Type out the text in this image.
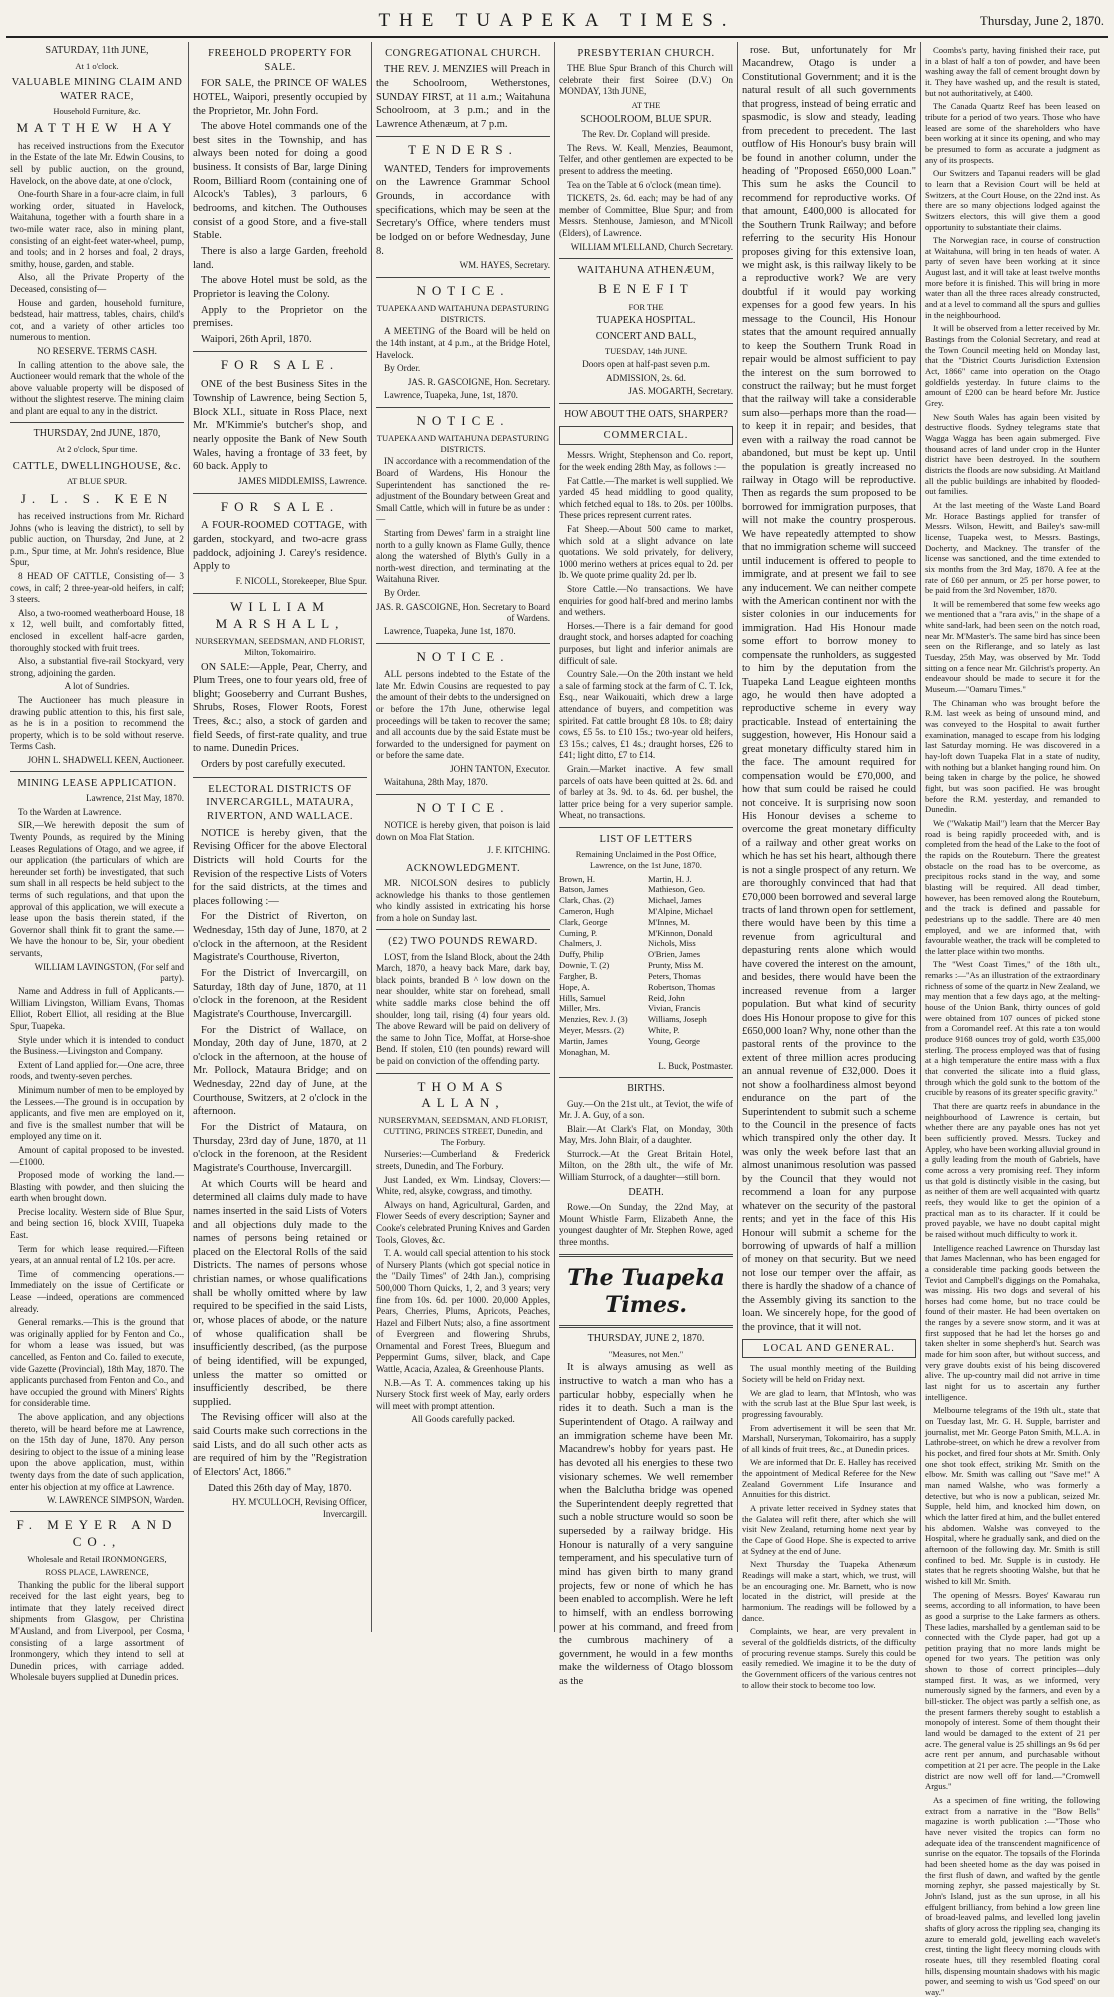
THE TUAPEKA TIMES.	Thursday, June 2, 1870.
SATURDAY, 11th JUNE,
At 1 o'clock.
VALUABLE MINING CLAIM AND WATER RACE,
Household Furniture, &c.
MATTHEW HAY
has received instructions from the Executor in the Estate of the late Mr. Edwin Cousins, to sell by public auction, on the ground, Havelock, on the above date, at one o'clock,
One-fourth Share in a four-acre claim, in full working order, situated in Havelock, Waitahuna, together with a fourth share in a two-mile water race, also in mining plant, consisting of an eight-feet water-wheel, pump, and tools; and in 2 horses and foal, 2 drays, smithy, house, garden, and stable.
Also, all the Private Property of the Deceased, consisting of—
House and garden, household furniture, bedstead, hair mattress, tables, chairs, child's cot, and a variety of other articles too numerous to mention.
NO RESERVE. TERMS CASH.
In calling attention to the above sale, the Auctioneer would remark that the whole of the above valuable property will be disposed of without the slightest reserve. The mining claim and plant are equal to any in the district.
THURSDAY, 2nd JUNE, 1870,
At 2 o'clock, Spur time.
CATTLE, DWELLINGHOUSE, &c.
AT BLUE SPUR.
J. L. S. KEEN
has received instructions from Mr. Richard Johns (who is leaving the district), to sell by public auction, on Thursday, 2nd June, at 2 p.m., Spur time, at Mr. John's residence, Blue Spur,
8 HEAD OF CATTLE, Consisting of— 3 cows, in calf; 2 three-year-old heifers, in calf; 3 steers.
Also, a two-roomed weatherboard House, 18 x 12, well built, and comfortably fitted, enclosed in excellent half-acre garden, thoroughly stocked with fruit trees.
Also, a substantial five-rail Stockyard, very strong, adjoining the garden.
A lot of Sundries.
The Auctioneer has much pleasure in drawing public attention to this, his first sale, as he is in a position to recommend the property, which is to be sold without reserve. Terms Cash.
JOHN L. SHADWELL KEEN, Auctioneer.
MINING LEASE APPLICATION.
Lawrence, 21st May, 1870.
To the Warden at Lawrence.
SIR,—We herewith deposit the sum of Twenty Pounds, as required by the Mining Leases Regulations of Otago, and we agree, if our application (the particulars of which are hereunder set forth) be investigated, that such sum shall in all respects be held subject to the terms of such regulations, and that upon the approval of this application, we will execute a lease upon the basis therein stated, if the Governor shall think fit to grant the same.—We have the honour to be, Sir, your obedient servants,
WILLIAM LAVINGSTON, (For self and party).
Name and Address in full of Applicants.—William Livingston, William Evans, Thomas Elliot, Robert Elliot, all residing at the Blue Spur, Tuapeka.
Style under which it is intended to conduct the Business.—Livingston and Company.
Extent of Land applied for.—One acre, three roods, and twenty-seven perches.
Minimum number of men to be employed by the Lessees.—The ground is in occupation by applicants, and five men are employed on it, and five is the smallest number that will be employed any time on it.
Amount of capital proposed to be invested.—£1000.
Proposed mode of working the land.—Blasting with powder, and then sluicing the earth when brought down.
Precise locality. Western side of Blue Spur, and being section 16, block XVIII, Tuapeka East.
Term for which lease required.—Fifteen years, at an annual rental of L2 10s. per acre.
Time of commencing operations.—Immediately on the issue of Certificate or Lease —indeed, operations are commenced already.
General remarks.—This is the ground that was originally applied for by Fenton and Co., for whom a lease was issued, but was cancelled, as Fenton and Co. failed to execute, vide Gazette (Provincial), 18th May, 1870. The applicants purchased from Fenton and Co., and have occupied the ground with Miners' Rights for considerable time.
The above application, and any objections thereto, will be heard before me at Lawrence, on the 15th day of June, 1870. Any person desiring to object to the issue of a mining lease upon the above application, must, within twenty days from the date of such application, enter his objection at my office at Lawrence.
W. LAWRENCE SIMPSON, Warden.
F. MEYER AND CO.,
Wholesale and Retail IRONMONGERS,
ROSS PLACE, LAWRENCE,
Thanking the public for the liberal support received for the last eight years, beg to intimate that they lately received direct shipments from Glasgow, per Christina M'Ausland, and from Liverpool, per Cosma, consisting of a large assortment of Ironmongery, which they intend to sell at Dunedin prices, with carriage added. Wholesale buyers supplied at Dunedin prices.
FREEHOLD PROPERTY FOR SALE.
FOR SALE, the PRINCE OF WALES HOTEL, Waipori, presently occupied by the Proprietor, Mr. John Ford.
The above Hotel commands one of the best sites in the Township, and has always been noted for doing a good business. It consists of Bar, large Dining Room, Billiard Room (containing one of Alcock's Tables), 3 parlours, 6 bedrooms, and kitchen. The Outhouses consist of a good Store, and a five-stall Stable.
There is also a large Garden, freehold land.
The above Hotel must be sold, as the Proprietor is leaving the Colony.
Apply to the Proprietor on the premises.
Waipori, 26th April, 1870.
FOR SALE.
ONE of the best Business Sites in the Township of Lawrence, being Section 5, Block XLI., situate in Ross Place, next Mr. M'Kimmie's butcher's shop, and nearly opposite the Bank of New South Wales, having a frontage of 33 feet, by 60 back. Apply to
JAMES MIDDLEMISS, Lawrence.
FOR SALE.
A FOUR-ROOMED COTTAGE, with garden, stockyard, and two-acre grass paddock, adjoining J. Carey's residence. Apply to
F. NICOLL, Storekeeper, Blue Spur.
WILLIAM MARSHALL,
NURSERYMAN, SEEDSMAN, AND FLORIST, Milton, Tokomairiro.
ON SALE:—Apple, Pear, Cherry, and Plum Trees, one to four years old, free of blight; Gooseberry and Currant Bushes, Shrubs, Roses, Flower Roots, Forest Trees, &c.; also, a stock of garden and field Seeds, of first-rate quality, and true to name. Dunedin Prices.
Orders by post carefully executed.
ELECTORAL DISTRICTS OF INVERCARGILL, MATAURA, RIVERTON, AND WALLACE.
NOTICE is hereby given, that the Revising Officer for the above Electoral Districts will hold Courts for the Revision of the respective Lists of Voters for the said districts, at the times and places following :—
For the District of Riverton, on Wednesday, 15th day of June, 1870, at 2 o'clock in the afternoon, at the Resident Magistrate's Courthouse, Riverton,
For the District of Invercargill, on Saturday, 18th day of June, 1870, at 11 o'clock in the forenoon, at the Resident Magistrate's Courthouse, Invercargill.
For the District of Wallace, on Monday, 20th day of June, 1870, at 2 o'clock in the afternoon, at the house of Mr. Pollock, Mataura Bridge; and on Wednesday, 22nd day of June, at the Courthouse, Switzers, at 2 o'clock in the afternoon.
For the District of Mataura, on Thursday, 23rd day of June, 1870, at 11 o'clock in the forenoon, at the Resident Magistrate's Courthouse, Invercargill.
At which Courts will be heard and determined all claims duly made to have names inserted in the said Lists of Voters and all objections duly made to the names of persons being retained or placed on the Electoral Rolls of the said Districts. The names of persons whose christian names, or whose qualifications shall be wholly omitted where by law required to be specified in the said Lists, or, whose places of abode, or the nature of whose qualification shall be insufficiently described, (as the purpose of being identified, will be expunged, unless the matter so omitted or insufficiently described, be there supplied.
The Revising officer will also at the said Courts make such corrections in the said Lists, and do all such other acts as are required of him by the "Registration of Electors' Act, 1866."
Dated this 26th day of May, 1870.
HY. M'CULLOCH, Revising Officer, Invercargill.
CONGREGATIONAL CHURCH.
THE REV. J. MENZIES will Preach in the Schoolroom, Wetherstones, SUNDAY FIRST, at 11 a.m.; Waitahuna Schoolroom, at 3 p.m.; and in the Lawrence Athenæum, at 7 p.m.
TENDERS.
WANTED, Tenders for improvements on the Lawrence Grammar School Grounds, in accordance with specifications, which may be seen at the Secretary's Office, where tenders must be lodged on or before Wednesday, June 8.
WM. HAYES, Secretary.
NOTICE.
TUAPEKA AND WAITAHUNA DEPASTURING DISTRICTS.
A MEETING of the Board will be held on the 14th instant, at 4 p.m., at the Bridge Hotel, Havelock.
By Order.
JAS. R. GASCOIGNE, Hon. Secretary.
Lawrence, Tuapeka, June, 1st, 1870.
NOTICE.
TUAPEKA AND WAITAHUNA DEPASTURING DISTRICTS.
IN accordance with a recommendation of the Board of Wardens, His Honour the Superintendent has sanctioned the re-adjustment of the Boundary between Great and Small Cattle, which will in future be as under :—
Starting from Dewes' farm in a straight line north to a gully known as Flame Gully, thence along the watershed of Blyth's Gully in a north-west direction, and terminating at the Waitahuna River.
By Order.
JAS. R. GASCOIGNE, Hon. Secretary to Board of Wardens.
Lawrence, Tuapeka, June 1st, 1870.
NOTICE.
ALL persons indebted to the Estate of the late Mr. Edwin Cousins are requested to pay the amount of their debts to the undersigned on or before the 17th June, otherwise legal proceedings will be taken to recover the same; and all accounts due by the said Estate must be forwarded to the undersigned for payment on or before the same date.
JOHN TANTON, Executor.
Waitahuna, 28th May, 1870.
NOTICE.
NOTICE is hereby given, that poison is laid down on Moa Flat Station.
J. F. KITCHING.
ACKNOWLEDGMENT.
MR. NICOLSON desires to publicly acknowledge his thanks to those gentlemen who kindly assisted in extricating his horse from a hole on Sunday last.
(£2) TWO POUNDS REWARD.
LOST, from the Island Block, about the 24th March, 1870, a heavy back Mare, dark bay, black points, branded B ^ low down on the near shoulder, white star on forehead, small white saddle marks close behind the off shoulder, long tail, rising (4) four years old. The above Reward will be paid on delivery of the same to John Tice, Moffat, at Horse-shoe Bend. If stolen, £10 (ten pounds) reward will be paid on conviction of the offending party.
THOMAS ALLAN,
NURSERYMAN, SEEDSMAN, AND FLORIST, CUTTING, PRINCES STREET, Dunedin, and The Forbury.
Nurseries:—Cumberland & Frederick streets, Dunedin, and The Forbury.
Just Landed, ex Wm. Lindsay, Clovers:—White, red, alsyke, cowgrass, and timothy.
Always on hand, Agricultural, Garden, and Flower Seeds of every description; Sayner and Cooke's celebrated Pruning Knives and Garden Tools, Gloves, &c.
T. A. would call special attention to his stock of Nursery Plants (which got special notice in the "Daily Times" of 24th Jan.), comprising 500,000 Thorn Quicks, 1, 2, and 3 years; very fine from 10s. 6d. per 1000. 20,000 Apples, Pears, Cherries, Plums, Apricots, Peaches, Hazel and Filbert Nuts; also, a fine assortment of Evergreen and flowering Shrubs, Ornamental and Forest Trees, Bluegum and Peppermint Gums, silver, black, and Cape Wattle, Acacia, Azalea, & Greenhouse Plants.
N.B.—As T. A. commences taking up his Nursery Stock first week of May, early orders will meet with prompt attention.
All Goods carefully packed.
PRESBYTERIAN CHURCH.
THE Blue Spur Branch of this Church will celebrate their first Soiree (D.V.) On MONDAY, 13th JUNE,
AT THE
SCHOOLROOM, BLUE SPUR.
The Rev. Dr. Copland will preside.
The Revs. W. Keall, Menzies, Beaumont, Telfer, and other gentlemen are expected to be present to address the meeting.
Tea on the Table at 6 o'clock (mean time).
TICKETS, 2s. 6d. each; may be had of any member of Committee, Blue Spur; and from Messrs. Stenhouse, Jamieson, and M'Nicoll (Elders), of Lawrence.
WILLIAM M'LELLAND, Church Secretary.
WAITAHUNA ATHENÆUM,
BENEFIT
FOR THE
TUAPEKA HOSPITAL.
CONCERT AND BALL,
TUESDAY, 14th JUNE.
Doors open at half-past seven p.m.
ADMISSION, 2s. 6d.
JAS. MOGARTH, Secretary.
HOW ABOUT THE OATS, SHARPER?
COMMERCIAL.
Messrs. Wright, Stephenson and Co. report, for the week ending 28th May, as follows :—
Fat Cattle.—The market is well supplied. We yarded 45 head middling to good quality, which fetched equal to 18s. to 20s. per 100lbs. These prices represent current rates.
Fat Sheep.—About 500 came to market, which sold at a slight advance on late quotations. We sold privately, for delivery, 1000 merino wethers at prices equal to 2d. per lb. We quote prime quality 2d. per lb.
Store Cattle.—No transactions. We have enquiries for good half-bred and merino lambs and wethers.
Horses.—There is a fair demand for good draught stock, and horses adapted for coaching purposes, but light and inferior animals are difficult of sale.
Country Sale.—On the 20th instant we held a sale of farming stock at the farm of C. T. Ick, Esq., near Waikouaiti, which drew a large attendance of buyers, and competition was spirited. Fat cattle brought £8 10s. to £8; dairy cows, £5 5s. to £10 15s.; two-year old heifers, £3 15s.; calves, £1 4s.; draught horses, £26 to £41; light ditto, £7 to £14.
Grain.—Market inactive. A few small parcels of oats have been quitted at 2s. 6d. and of barley at 3s. 9d. to 4s. 6d. per bushel, the latter price being for a very superior sample. Wheat, no transactions.
LIST OF LETTERS
Remaining Unclaimed in the Post Office, Lawrence, on the 1st June, 1870.
Brown, H.	Martin, H. J.
Batson, James	Mathieson, Geo.
Clark, Chas. (2)	Michael, James
Cameron, Hugh	M'Alpine, Michael
Clark, George	M'Innes, M.
Cuming, P.	M'Kinnon, Donald
Chalmers, J.	Nichols, Miss
Duffy, Philip	O'Brien, James
Downie, T. (2)	Prunty, Miss M.
Fargher, B.	Peters, Thomas
Hope, A.	Robertson, Thomas
Hills, Samuel	Reid, John
Miller, Mrs.	Vivian, Francis
Menzies, Rev. J. (3)	Williams, Joseph
Meyer, Messrs. (2)	White, P.
Martin, James	Young, George
Monaghan, M.
L. Buck, Postmaster.
BIRTHS.
Guy.—On the 21st ult., at Teviot, the wife of Mr. J. A. Guy, of a son.
Blair.—At Clark's Flat, on Monday, 30th May, Mrs. John Blair, of a daughter.
Sturrock.—At the Great Britain Hotel, Milton, on the 28th ult., the wife of Mr. William Sturrock, of a daughter—still born.
DEATH.
Rowe.—On Sunday, the 22nd May, at Mount Whistle Farm, Elizabeth Anne, the youngest daughter of Mr. Stephen Rowe, aged three months.
The Tuapeka Times.
THURSDAY, JUNE 2, 1870.
"Measures, not Men."
It is always amusing as well as instructive to watch a man who has a particular hobby, especially when he rides it to death. Such a man is the Superintendent of Otago. A railway and an immigration scheme have been Mr. Macandrew's hobby for years past. He has devoted all his energies to these two visionary schemes. We well remember when the Balclutha bridge was opened the Superintendent deeply regretted that such a noble structure would so soon be superseded by a railway bridge. His Honour is naturally of a very sanguine temperament, and his speculative turn of mind has given birth to many grand projects, few or none of which he has been enabled to accomplish. Were he left to himself, with an endless borrowing power at his command, and freed from the cumbrous machinery of a government, he would in a few months make the wilderness of Otago blossom as the
rose. But, unfortunately for Mr Macandrew, Otago is under a Constitutional Government; and it is the natural result of all such governments that progress, instead of being erratic and spasmodic, is slow and steady, leading from precedent to precedent. The last outflow of His Honour's busy brain will be found in another column, under the heading of "Proposed £650,000 Loan." This sum he asks the Council to recommend for reproductive works. Of that amount, £400,000 is allocated for the Southern Trunk Railway; and before referring to the security His Honour proposes giving for this extensive loan, we might ask, is this railway likely to be a reproductive work? We are very doubtful if it would pay working expenses for a good few years. In his message to the Council, His Honour states that the amount required annually to keep the Southern Trunk Road in repair would be almost sufficient to pay the interest on the sum borrowed to construct the railway; but he must forget that the railway will take a considerable sum also—perhaps more than the road—to keep it in repair; and besides, that even with a railway the road cannot be abandoned, but must be kept up. Until the population is greatly increased no railway in Otago will be reproductive. Then as regards the sum proposed to be borrowed for immigration purposes, that will not make the country prosperous. We have repeatedly attempted to show that no immigration scheme will succeed until inducement is offered to people to immigrate, and at present we fail to see any inducement. We can neither compete with the American continent nor with the sister colonies in our inducements for immigration. Had His Honour made some effort to borrow money to compensate the runholders, as suggested to him by the deputation from the Tuapeka Land League eighteen months ago, he would then have adopted a reproductive scheme in every way practicable. Instead of entertaining the suggestion, however, His Honour said a great monetary difficulty stared him in the face. The amount required for compensation would be £70,000, and how that sum could be raised he could not conceive. It is surprising now soon His Honour devises a scheme to overcome the great monetary difficulty of a railway and other great works on which he has set his heart, although there is not a single prospect of any return. We are thoroughly convinced that had that £70,000 been borrowed and several large tracts of land thrown open for settlement, there would have been by this time a revenue from agricultural and depasturing rents alone which would have covered the interest on the amount, and besides, there would have been the increased revenue from a larger population. But what kind of security does His Honour propose to give for this £650,000 loan? Why, none other than the pastoral rents of the province to the extent of three million acres producing an annual revenue of £32,000. Does it not show a foolhardiness almost beyond endurance on the part of the Superintendent to submit such a scheme to the Council in the presence of facts which transpired only the other day. It was only the week before last that an almost unanimous resolution was passed by the Council that they would not recommend a loan for any purpose whatever on the security of the pastoral rents; and yet in the face of this His Honour will submit a scheme for the borrowing of upwards of half a million of money on that security. But we need not lose our temper over the affair, as there is hardly the shadow of a chance of the Assembly giving its sanction to the loan. We sincerely hope, for the good of the province, that it will not.
LOCAL AND GENERAL.
The usual monthly meeting of the Building Society will be held on Friday next.
We are glad to learn, that M'Intosh, who was with the scrub last at the Blue Spur last week, is progressing favourably.
From advertisement it will be seen that Mr. Marshall, Nurseryman, Tokomairiro, has a supply of all kinds of fruit trees, &c., at Dunedin prices.
We are informed that Dr. E. Halley has received the appointment of Medical Referee for the New Zealand Government Life Insurance and Annuities for this district.
A private letter received in Sydney states that the Galatea will refit there, after which she will visit New Zealand, returning home next year by the Cape of Good Hope. She is expected to arrive at Sydney at the end of June.
Next Thursday the Tuapeka Athenæum Readings will make a start, which, we trust, will be an encouraging one. Mr. Barnett, who is now located in the district, will preside at the harmonium. The readings will be followed by a dance.
Complaints, we hear, are very prevalent in several of the goldfields districts, of the difficulty of procuring revenue stamps. Surely this could be easily remedied. We imagine it to be the duty of the Government officers of the various centres not to allow their stock to become too low.
Coombs's party, having finished their race, put in a blast of half a ton of powder, and have been washing away the fall of cement brought down by it. They have washed up, and the result is stated, but not authoritatively, at £400.
The Canada Quartz Reef has been leased on tribute for a period of two years. Those who have leased are some of the shareholders who have been working at it since its opening, and who may be presumed to form as accurate a judgment as any of its prospects.
Our Switzers and Tapanui readers will be glad to learn that a Revision Court will be held at Switzers, at the Court House, on the 22nd inst. As there are so many objections lodged against the Switzers electors, this will give them a good opportunity to substantiate their claims.
The Norwegian race, in course of construction at Waitahuna, will bring in ten heads of water. A party of seven have been working at it since August last, and it will take at least twelve months more before it is finished. This will bring in more water than all the three races already constructed, and at a level to command all the spurs and gullies in the neighbourhood.
It will be observed from a letter received by Mr. Bastings from the Colonial Secretary, and read at the Town Council meeting held on Monday last, that the "District Courts Jurisdiction Extension Act, 1866" came into operation on the Otago goldfields yesterday. In future claims to the amount of £200 can be heard before Mr. Justice Grey.
New South Wales has again been visited by destructive floods. Sydney telegrams state that Wagga Wagga has been again submerged. Five thousand acres of land under crop in the Hunter district have been destroyed. In the southern districts the floods are now subsiding. At Maitland all the public buildings are inhabited by flooded-out families.
At the last meeting of the Waste Land Board Mr. Horace Bastings applied for transfer of Messrs. Wilson, Hewitt, and Bailey's saw-mill license, Tuapeka west, to Messrs. Bastings, Docherty, and Mackney. The transfer of the license was sanctioned, and the time extended to six months from the 3rd May, 1870. A fee at the rate of £60 per annum, or 25 per horse power, to be paid from the 3rd November, 1870.
It will be remembered that some few weeks ago we mentioned that a "rara avis," in the shape of a white sand-lark, had been seen on the notch road, near Mr. M'Master's. The same bird has since been seen on the Riflerange, and so lately as last Tuesday, 25th May, was observed by Mr. Todd sitting on a fence near Mr. Gilchrist's property. An endeavour should be made to secure it for the Museum.—"Oamaru Times."
The Chinaman who was brought before the R.M. last week as being of unsound mind, and was conveyed to the Hospital to await further examination, managed to escape from his lodging last Saturday morning. He was discovered in a hay-loft down Tuapeka Flat in a state of nudity, with nothing but a blanket hanging round him. On being taken in charge by the police, he showed fight, but was soon pacified. He was brought before the R.M. yesterday, and remanded to Dunedin.
We ("Wakatip Mail") learn that the Mercer Bay road is being rapidly proceeded with, and is completed from the head of the Lake to the foot of the rapids on the Routeburn. There the greatest obstacle on the road has to be overcome, as precipitous rocks stand in the way, and some blasting will be required. All dead timber, however, has been removed along the Routeburn, and the track is defined and passable for pedestrians up to the saddle. There are 40 men employed, and we are informed that, with favourable weather, the track will be completed to the latter place within two months.
The "West Coast Times," of the 18th ult., remarks :—"As an illustration of the extraordinary richness of some of the quartz in New Zealand, we may mention that a few days ago, at the melting-house of the Union Bank, thirty ounces of gold were obtained from 107 ounces of picked stone from a Coromandel reef. At this rate a ton would produce 9168 ounces troy of gold, worth £35,000 sterling. The process employed was that of fusing at a high temperature the entire mass with a flux that converted the silicate into a fluid glass, through which the gold sunk to the bottom of the crucible by reasons of its greater specific gravity."
That there are quartz reefs in abundance in the neighbourhood of Lawrence is certain, but whether there are any payable ones has not yet been sufficiently proved. Messrs. Tuckey and Appley, who have been working alluvial ground in a gully leading from the mouth of Gabriels, have come across a very promising reef. They inform us that gold is distinctly visible in the casing, but as neither of them are well acquainted with quartz reefs, they would like to get the opinion of a practical man as to its character. If it could be proved payable, we have no doubt capital might be raised without much difficulty to work it.
Intelligence reached Lawrence on Thursday last that James Maclennan, who has been engaged for a considerable time packing goods between the Teviot and Campbell's diggings on the Pomahaka, was missing. His two dogs and several of his horses had come home, but no trace could be found of their master. He had been overtaken on the ranges by a severe snow storm, and it was at first supposed that he had let the horses go and taken shelter in some shepherd's hut. Search was made for him soon after, but without success, and very grave doubts exist of his being discovered alive. The up-country mail did not arrive in time last night for us to ascertain any further intelligence.
Melbourne telegrams of the 19th ult., state that on Tuesday last, Mr. G. H. Supple, barrister and journalist, met Mr. George Paton Smith, M.L.A. in Lathrobe-street, on which he drew a revolver from his pocket, and fired four shots at Mr. Smith. Only one shot took effect, striking Mr. Smith on the elbow. Mr. Smith was calling out "Save me!" A man named Walshe, who was formerly a detective, but who is now a publican, seized Mr. Supple, held him, and knocked him down, on which the latter fired at him, and the bullet entered his abdomen. Walshe was conveyed to the Hospital, where he gradually sank, and died on the afternoon of the following day. Mr. Smith is still confined to bed. Mr. Supple is in custody. He states that he regrets shooting Walshe, but that he wished to kill Mr. Smith.
The opening of Messrs. Boyes' Kawarau run seems, according to all information, to have been as good a surprise to the Lake farmers as others. These ladies, marshalled by a gentleman said to be connected with the Clyde paper, had got up a petition praying that no more lands might be opened for two years. The petition was only shown to those of correct principles—duly stamped first. It was, as we informed, very numerously signed by the farmers, and even by a bill-sticker. The object was partly a selfish one, as the present farmers thereby sought to establish a monopoly of interest. Some of them thought their land would be damaged to the extent of 21 per acre. The general value is 25 shillings an 9s 6d per acre rent per annum, and purchasable without competition at 21 per acre. The people in the Lake district are now well off for land.—"Cromwell Argus."
As a specimen of fine writing, the following extract from a narrative in the "Bow Bells" magazine is worth publication :—"Those who have never visited the tropics can form no adequate idea of the transcendent magnificence of sunrise on the equator. The topsails of the Florinda had been sheeted home as the day was poised in the first flush of dawn, and wafted by the gentle morning zephyr, she passed majestically by St. John's Island, just as the sun uprose, in all his effulgent brilliancy, from behind a low green line of broad-leaved palms, and levelled long javelin shafts of glory across the rippling sea, changing its azure to emerald gold, jewelling each wavelet's crest, tinting the light fleecy morning clouds with roseate hues, till they resembled floating coral hills, dispensing mountain shadows with his magic power, and seeming to wish us 'God speed' on our way."
